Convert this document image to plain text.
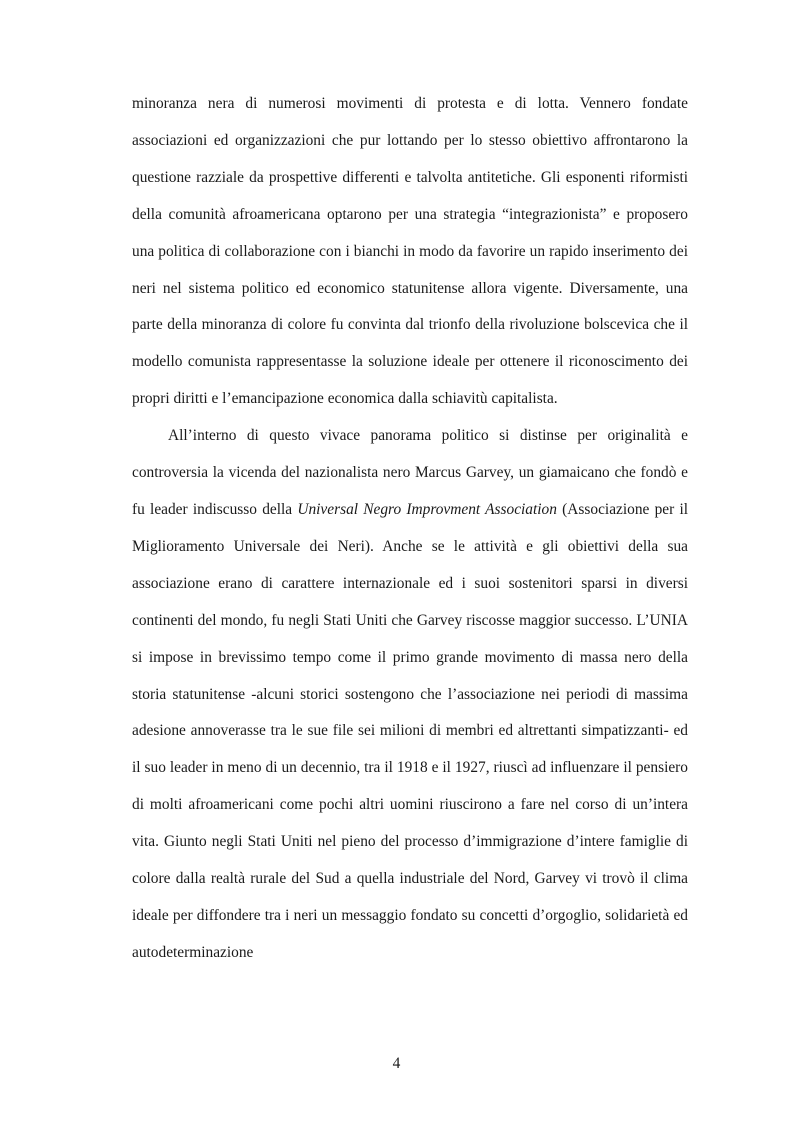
minoranza nera di numerosi movimenti di protesta e di lotta. Vennero fondate associazioni ed organizzazioni che pur lottando per lo stesso obiettivo affrontarono la questione razziale da prospettive differenti e talvolta antitetiche. Gli esponenti riformisti della comunità afroamericana optarono per una strategia “integrazionista” e proposero una politica di collaborazione con i bianchi in modo da favorire un rapido inserimento dei neri nel sistema politico ed economico statunitense allora vigente. Diversamente, una parte della minoranza di colore fu convinta dal trionfo della rivoluzione bolscevica che il modello comunista rappresentasse la soluzione ideale per ottenere il riconoscimento dei propri diritti e l’emancipazione economica dalla schiavitù capitalista.

All’interno di questo vivace panorama politico si distinse per originalità e controversia la vicenda del nazionalista nero Marcus Garvey, un giamaicano che fondò e fu leader indiscusso della Universal Negro Improvment Association (Associazione per il Miglioramento Universale dei Neri). Anche se le attività e gli obiettivi della sua associazione erano di carattere internazionale ed i suoi sostenitori sparsi in diversi continenti del mondo, fu negli Stati Uniti che Garvey riscosse maggior successo. L’UNIA si impose in brevissimo tempo come il primo grande movimento di massa nero della storia statunitense -alcuni storici sostengono che l’associazione nei periodi di massima adesione annoverasse tra le sue file sei milioni di membri ed altrettanti simpatizzanti- ed il suo leader in meno di un decennio, tra il 1918 e il 1927, riuscì ad influenzare il pensiero di molti afroamericani come pochi altri uomini riuscirono a fare nel corso di un’intera vita. Giunto negli Stati Uniti nel pieno del processo d’immigrazione d’intere famiglie di colore dalla realtà rurale del Sud a quella industriale del Nord, Garvey vi trovò il clima ideale per diffondere tra i neri un messaggio fondato su concetti d’orgoglio, solidarietà ed autodeterminazione

4
